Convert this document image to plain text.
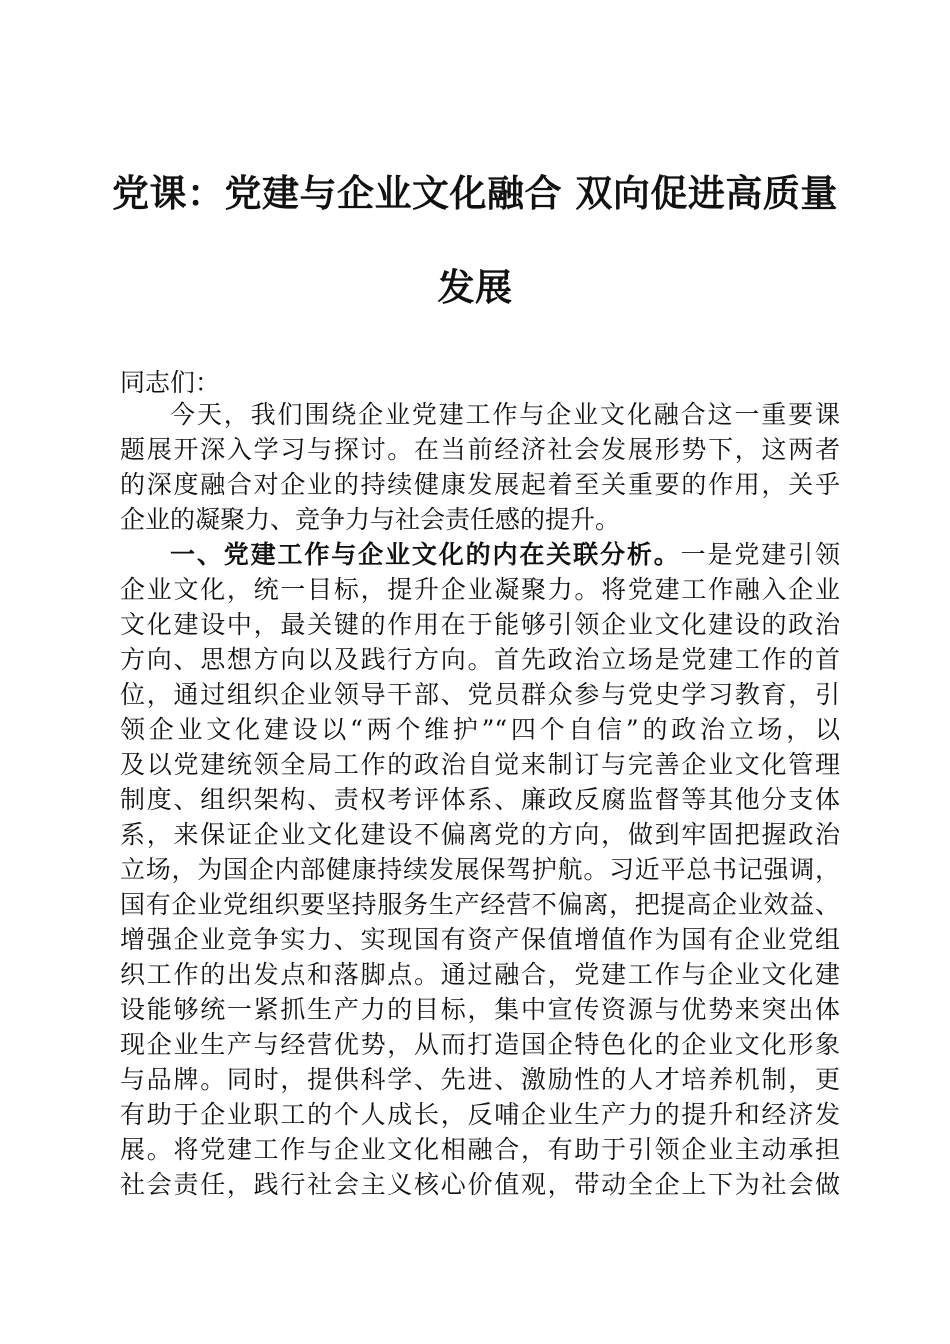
党课：党建与企业文化融合 双向促进高质量
发展

同志们：

今天，我们围绕企业党建工作与企业文化融合这一重要课

题展开深入学习与探讨。在当前经济社会发展形势下，这两者

的深度融合对企业的持续健康发展起着至关重要的作用，关乎

企业的凝聚力、竞争力与社会责任感的提升。

一、党建工作与企业文化的内在关联分析。一是党建引领

企业文化，统一目标，提升企业凝聚力。将党建工作融入企业

文化建设中，最关键的作用在于能够引领企业文化建设的政治

方向、思想方向以及践行方向。首先政治立场是党建工作的首

位，通过组织企业领导干部、党员群众参与党史学习教育，引

领企业文化建设以“两个维护”“四个自信”的政治立场，以

及以党建统领全局工作的政治自觉来制订与完善企业文化管理

制度、组织架构、责权考评体系、廉政反腐监督等其他分支体

系，来保证企业文化建设不偏离党的方向，做到牢固把握政治

立场，为国企内部健康持续发展保驾护航。习近平总书记强调，

国有企业党组织要坚持服务生产经营不偏离，把提高企业效益、

增强企业竞争实力、实现国有资产保值增值作为国有企业党组

织工作的出发点和落脚点。通过融合，党建工作与企业文化建

设能够统一紧抓生产力的目标，集中宣传资源与优势来突出体

现企业生产与经营优势，从而打造国企特色化的企业文化形象

与品牌。同时，提供科学、先进、激励性的人才培养机制，更

有助于企业职工的个人成长，反哺企业生产力的提升和经济发

展。将党建工作与企业文化相融合，有助于引领企业主动承担

社会责任，践行社会主义核心价值观，带动全企上下为社会做
